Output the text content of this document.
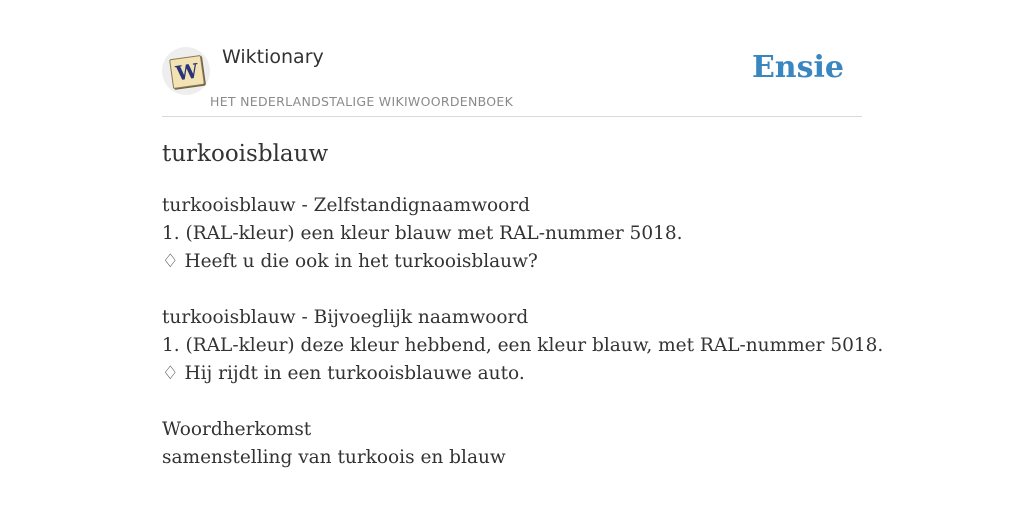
W
Wiktionary
HET NEDERLANDSTALIGE WIKIWOORDENBOEK
Ensie
turkooisblauw
turkooisblauw - Zelfstandignaamwoord
1. (RAL-kleur) een kleur blauw met RAL-nummer 5018.
♢ Heeft u die ook in het turkooisblauw?
turkooisblauw - Bijvoeglijk naamwoord
1. (RAL-kleur) deze kleur hebbend, een kleur blauw, met RAL-nummer 5018.
♢ Hij rijdt in een turkooisblauwe auto.
Woordherkomst
samenstelling van turkoois en blauw
